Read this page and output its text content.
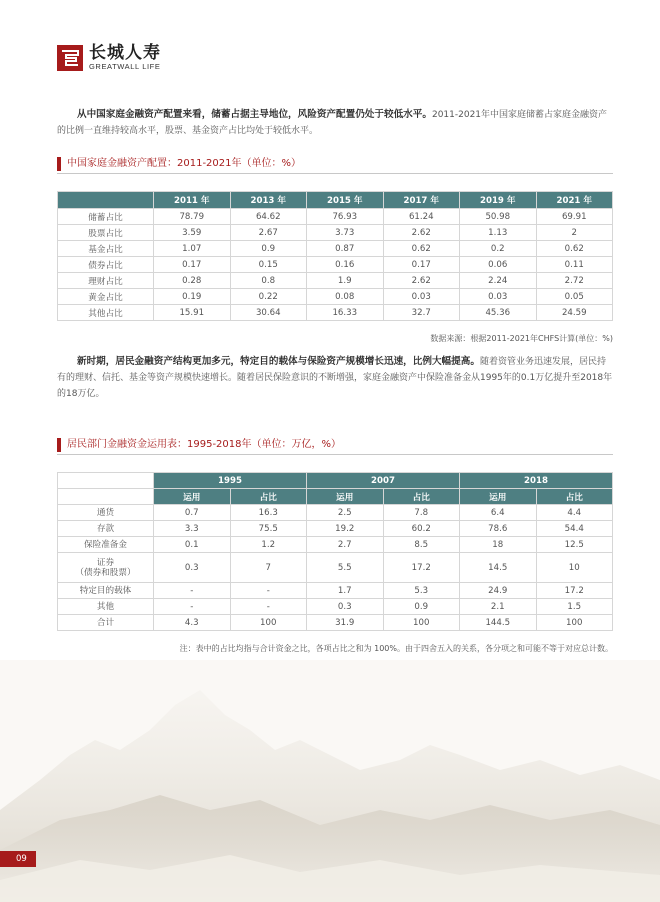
长城人寿
GREATWALL LIFE
从中国家庭金融资产配置来看，储蓄占据主导地位，风险资产配置仍处于较低水平。2011-2021年中国家庭储蓄占家庭金融资产的比例一直维持较高水平，股票、基金资产占比均处于较低水平。
中国家庭金融资产配置：2011-2021年（单位：%）
	2011 年	2013 年	2015 年	2017 年	2019 年	2021 年
储蓄占比	78.79	64.62	76.93	61.24	50.98	69.91
股票占比	3.59	2.67	3.73	2.62	1.13	2
基金占比	1.07	0.9	0.87	0.62	0.2	0.62
债券占比	0.17	0.15	0.16	0.17	0.06	0.11
理财占比	0.28	0.8	1.9	2.62	2.24	2.72
黄金占比	0.19	0.22	0.08	0.03	0.03	0.05
其他占比	15.91	30.64	16.33	32.7	45.36	24.59
数据来源：根据2011-2021年CHFS计算(单位：%)
新时期，居民金融资产结构更加多元，特定目的载体与保险资产规模增长迅速，比例大幅提高。随着资管业务迅速发展，居民持有的理财、信托、基金等资产规模快速增长。随着居民保险意识的不断增强，家庭金融资产中保险准备金从1995年的0.1万亿提升至2018年的18万亿。
居民部门金融资金运用表：1995-2018年（单位：万亿，%）
	1995		2007		2018	
	运用	占比	运用	占比	运用	占比
通货	0.7	16.3	2.5	7.8	6.4	4.4
存款	3.3	75.5	19.2	60.2	78.6	54.4
保险准备金	0.1	1.2	2.7	8.5	18	12.5
证券
（债券和股票）	0.3	7	5.5	17.2	14.5	10
特定目的载体	-	-	1.7	5.3	24.9	17.2
其他	-	-	0.3	0.9	2.1	1.5
合计	4.3	100	31.9	100	144.5	100
注：表中的占比均指与合计资金之比，各项占比之和为 100%。由于四舍五入的关系，各分项之和可能不等于对应总计数。
09
